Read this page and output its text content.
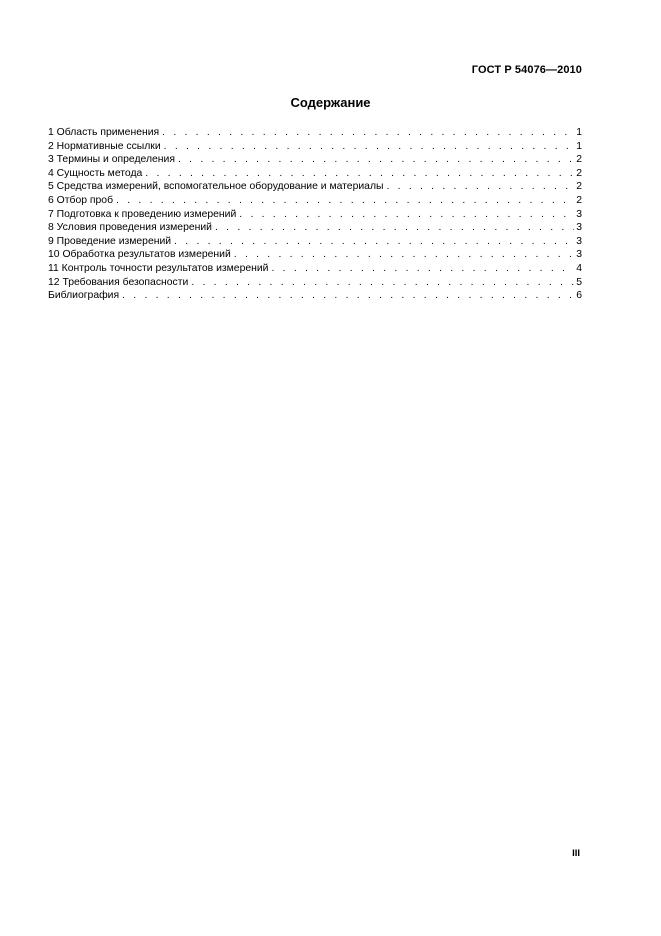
ГОСТ Р 54076—2010
Содержание
1 Область применения . . .	1
2 Нормативные ссылки . . .	1
3 Термины и определения . . .	2
4 Сущность метода . . .	2
5 Средства измерений, вспомогательное оборудование и материалы . . .	2
6 Отбор проб . . .	2
7 Подготовка к проведению измерений . . .	3
8 Условия проведения измерений . . .	3
9 Проведение измерений . . .	3
10 Обработка результатов измерений . . .	3
11 Контроль точности результатов измерений . . .	4
12 Требования безопасности . . .	5
Библиография . . .	6
III
